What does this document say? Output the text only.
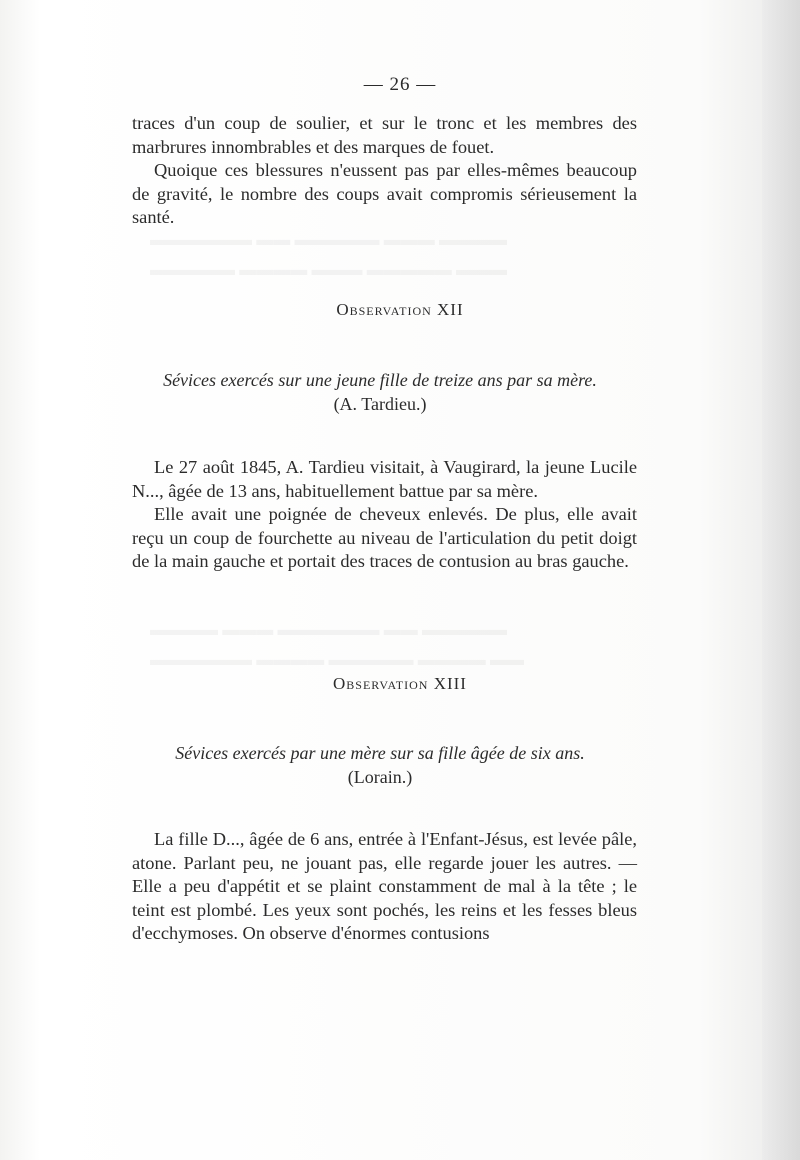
— 26 —

traces d'un coup de soulier, et sur le tronc et les membres des marbrures innombrables et des marques de fouet.

Quoique ces blessures n'eussent pas par elles-mêmes beaucoup de gravité, le nombre des coups avait compromis sérieusement la santé.

Observation XII
Sévices exercés sur une jeune fille de treize ans par sa mère.
(A. Tardieu.)

Le 27 août 1845, A. Tardieu visitait, à Vaugirard, la jeune Lucile N..., âgée de 13 ans, habituellement battue par sa mère.

Elle avait une poignée de cheveux enlevés. De plus, elle avait reçu un coup de fourchette au niveau de l'articulation du petit doigt de la main gauche et portait des traces de contusion au bras gauche.

Observation XIII
Sévices exercés par une mère sur sa fille âgée de six ans.
(Lorain.)

La fille D..., âgée de 6 ans, entrée à l'Enfant-Jésus, est levée pâle, atone. Parlant peu, ne jouant pas, elle regarde jouer les autres. — Elle a peu d'appétit et se plaint constamment de mal à la tête ; le teint est plombé. Les yeux sont pochés, les reins et les fesses bleus d'ecchymoses. On observe d'énormes contusions
